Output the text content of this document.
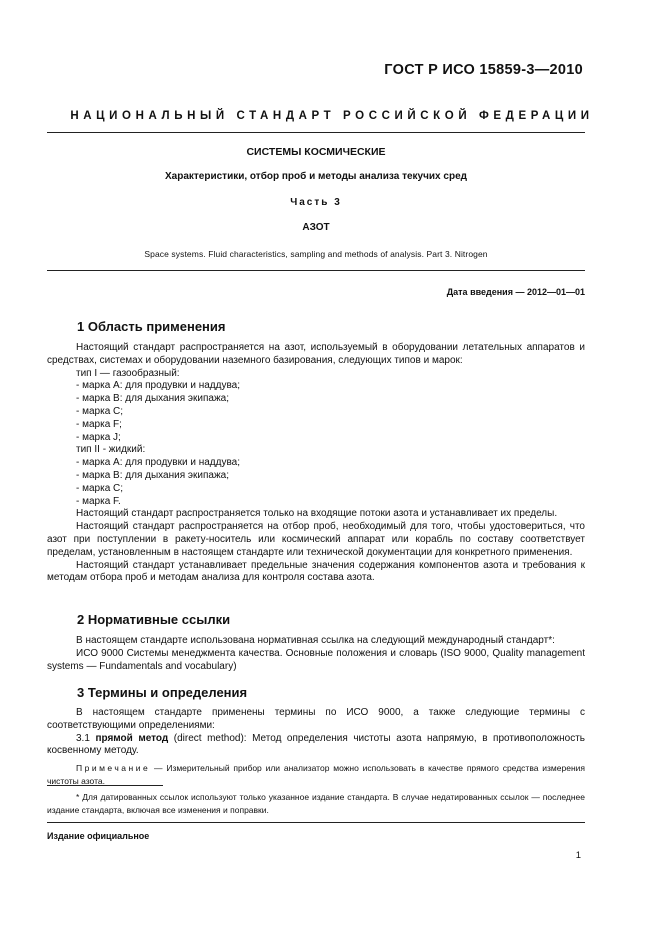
ГОСТ Р ИСО 15859-3—2010
НАЦИОНАЛЬНЫЙ СТАНДАРТ РОССИЙСКОЙ ФЕДЕРАЦИИ
СИСТЕМЫ КОСМИЧЕСКИЕ
Характеристики, отбор проб и методы анализа текучих сред
Часть 3
АЗОТ
Space systems. Fluid characteristics, sampling and methods of analysis. Part 3. Nitrogen
Дата введения — 2012—01—01
1 Область применения

Настоящий стандарт распространяется на азот, используемый в оборудовании летательных аппаратов и средствах, системах и оборудовании наземного базирования, следующих типов и марок:

тип I — газообразный:

- марка А: для продувки и наддува;

- марка В: для дыхания экипажа;

- марка С;

- марка F;

- марка J;

тип II - жидкий:

- марка А: для продувки и наддува;

- марка В: для дыхания экипажа;

- марка С;

- марка F.

Настоящий стандарт распространяется только на входящие потоки азота и устанавливает их пределы.

Настоящий стандарт распространяется на отбор проб, необходимый для того, чтобы удостовериться, что азот при поступлении в ракету-носитель или космический аппарат или корабль по составу соответствует пределам, установленным в настоящем стандарте или технической документации для конкретного применения.

Настоящий стандарт устанавливает предельные значения содержания компонентов азота и требования к методам отбора проб и методам анализа для контроля состава азота.

2 Нормативные ссылки

В настоящем стандарте использована нормативная ссылка на следующий международный стандарт*:

ИСО 9000 Системы менеджмента качества. Основные положения и словарь (ISO 9000, Quality management systems — Fundamentals and vocabulary)

3 Термины и определения

В настоящем стандарте применены термины по ИСО 9000, а также следующие термины с соответствующими определениями:

3.1 прямой метод (direct method): Метод определения чистоты азота напрямую, в противоположность косвенному методу.

Примечание — Измерительный прибор или анализатор можно использовать в качестве прямого средства измерения чистоты азота.

* Для датированных ссылок используют только указанное издание стандарта. В случае недатированных ссылок — последнее издание стандарта, включая все изменения и поправки.

Издание официальное
1
